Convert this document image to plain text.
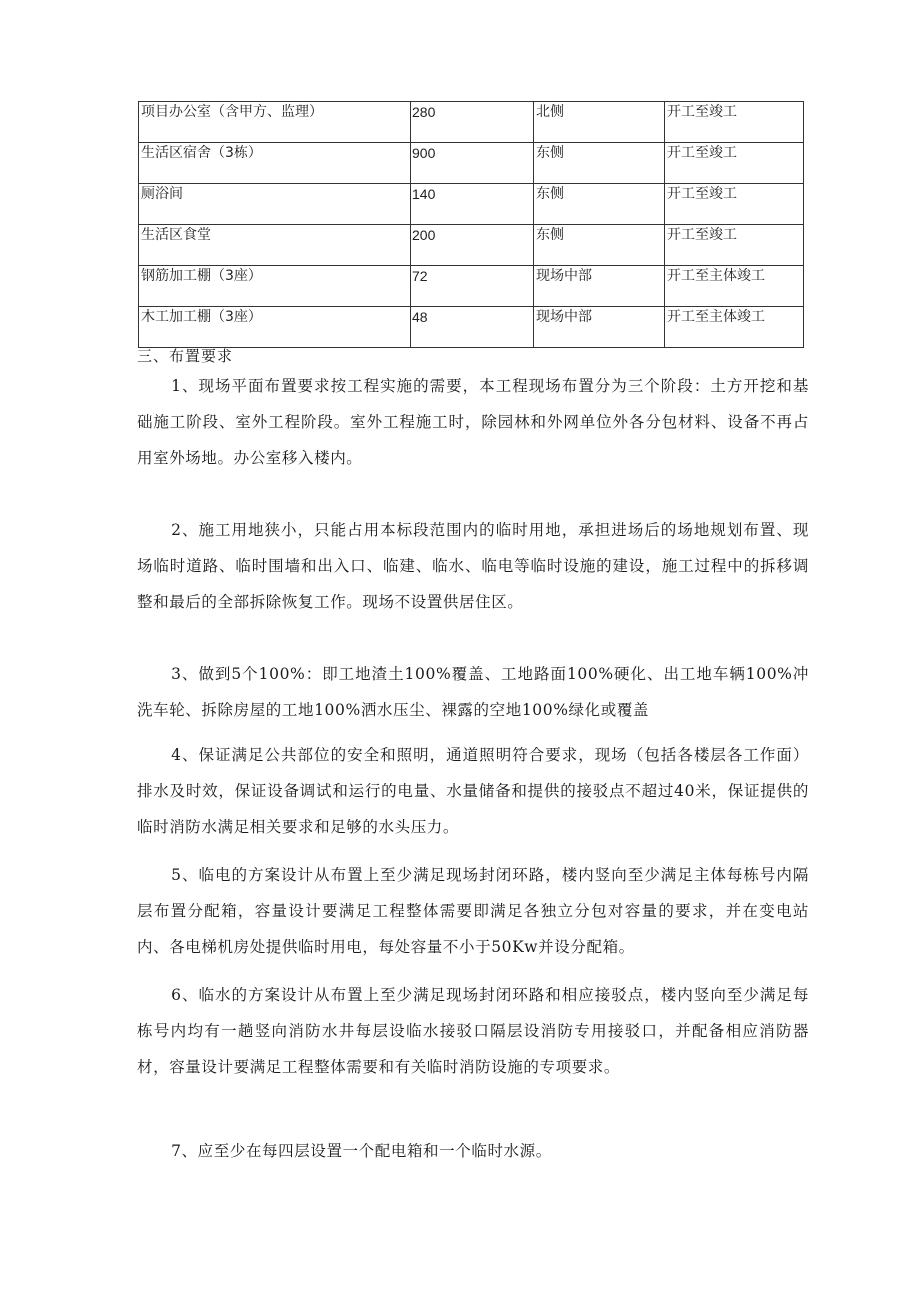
项目办公室（含甲方、监理）	280	北侧	开工至竣工
生活区宿舍（3栋）	900	东侧	开工至竣工
厕浴间	140	东侧	开工至竣工
生活区食堂	200	东侧	开工至竣工
钢筋加工棚（3座）	72	现场中部	开工至主体竣工
木工加工棚（3座）	48	现场中部	开工至主体竣工
三、布置要求

1、现场平面布置要求按工程实施的需要，本工程现场布置分为三个阶段：土方开挖和基础施工阶段、室外工程阶段。室外工程施工时，除园林和外网单位外各分包材料、设备不再占用室外场地。办公室移入楼内。

2、施工用地狭小，只能占用本标段范围内的临时用地，承担进场后的场地规划布置、现场临时道路、临时围墙和出入口、临建、临水、临电等临时设施的建设，施工过程中的拆移调整和最后的全部拆除恢复工作。现场不设置供居住区。

3、做到5个100%：即工地渣土100%覆盖、工地路面100%硬化、出工地车辆100%冲洗车轮、拆除房屋的工地100%洒水压尘、裸露的空地100%绿化或覆盖

4、保证满足公共部位的安全和照明，通道照明符合要求，现场（包括各楼层各工作面）排水及时效，保证设备调试和运行的电量、水量储备和提供的接驳点不超过40米，保证提供的临时消防水满足相关要求和足够的水头压力。

5、临电的方案设计从布置上至少满足现场封闭环路，楼内竖向至少满足主体每栋号内隔层布置分配箱，容量设计要满足工程整体需要即满足各独立分包对容量的要求，并在变电站内、各电梯机房处提供临时用电，每处容量不小于50Kw并设分配箱。

6、临水的方案设计从布置上至少满足现场封闭环路和相应接驳点，楼内竖向至少满足每栋号内均有一趟竖向消防水井每层设临水接驳口隔层设消防专用接驳口，并配备相应消防器材，容量设计要满足工程整体需要和有关临时消防设施的专项要求。

7、应至少在每四层设置一个配电箱和一个临时水源。
